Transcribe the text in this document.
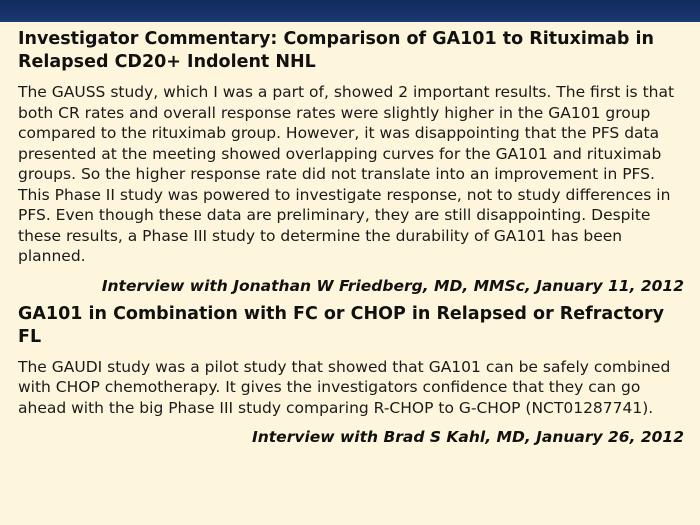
Investigator Commentary: Comparison of GA101 to Rituximab in Relapsed CD20+ Indolent NHL

The GAUSS study, which I was a part of, showed 2 important results. The first is that both CR rates and overall response rates were slightly higher in the GA101 group compared to the rituximab group. However, it was disappointing that the PFS data presented at the meeting showed overlapping curves for the GA101 and rituximab groups. So the higher response rate did not translate into an improvement in PFS. This Phase II study was powered to investigate response, not to study differences in PFS. Even though these data are preliminary, they are still disappointing. Despite these results, a Phase III study to determine the durability of GA101 has been planned.

Interview with Jonathan W Friedberg, MD, MMSc, January 11, 2012
GA101 in Combination with FC or CHOP in Relapsed or Refractory FL

The GAUDI study was a pilot study that showed that GA101 can be safely combined with CHOP chemotherapy. It gives the investigators confidence that they can go ahead with the big Phase III study comparing R-CHOP to G-CHOP (NCT01287741).

Interview with Brad S Kahl, MD, January 26, 2012
